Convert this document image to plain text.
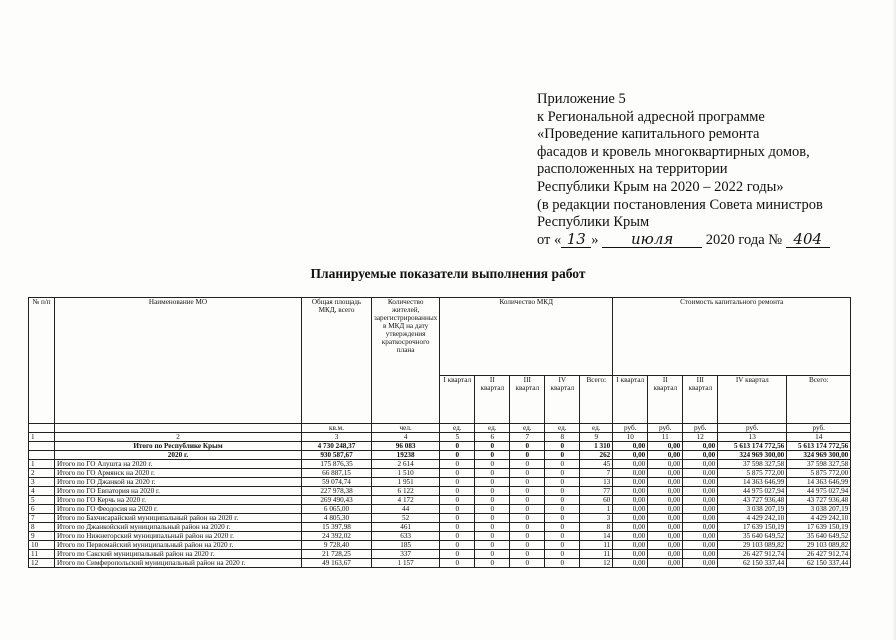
Приложение 5
к Региональной адресной программе
«Проведение капитального ремонта
фасадов и кровель многоквартирных домов,
расположенных на территории
Республики Крым на 2020 – 2022 годы»
(в редакции постановления Совета министров
Республики Крым
от « 13 » июля 2020 года № 404
Планируемые показатели выполнения работ
№ п/п	Наименование МО	Общая площадь МКД, всего	Количество жителей, зарегистрированных в МКД на дату утверждения краткосрочного плана	Количество МКД					Стоимость капитального ремонта				
				I квартал	II квартал	III квартал	IV квартал	Всего:	I квартал	II квартал	III квартал	IV квартал	Всего:
		кв.м.	чел.	ед.	ед.	ед.	ед.	ед.	руб.	руб.	руб.	руб.	руб.
1	2	3	4	5	6	7	8	9	10	11	12	13	14
	Итого по Республике Крым	4 730 248,37	96 083	0	0	0	0	1 310	0,00	0,00	0,00	5 613 174 772,56	5 613 174 772,56
	2020 г.	930 587,67	19238	0	0	0	0	262	0,00	0,00	0,00	324 969 300,00	324 969 300,00
1	Итого по ГО Алушта на 2020 г.	175 876,35	2 614	0	0	0	0	45	0,00	0,00	0,00	37 598 327,58	37 598 327,58
2	Итого по ГО Армянск на 2020 г.	66 887,15	1 510	0	0	0	0	7	0,00	0,00	0,00	5 875 772,00	5 875 772,00
3	Итого по ГО Джанкой на 2020 г.	59 074,74	1 951	0	0	0	0	13	0,00	0,00	0,00	14 363 646,99	14 363 646,99
4	Итого по ГО Евпатория на 2020 г.	227 978,38	6 122	0	0	0	0	77	0,00	0,00	0,00	44 975 027,94	44 975 027,94
5	Итого по ГО Керчь на 2020 г.	269 490,43	4 172	0	0	0	0	60	0,00	0,00	0,00	43 727 936,48	43 727 936,48
6	Итого по ГО Феодосия на 2020 г.	6 065,00	44	0	0	0	0	1	0,00	0,00	0,00	3 038 207,19	3 038 207,19
7	Итого по Бахчисарайский муниципальный район на 2020 г.	4 805,30	52	0	0	0	0	3	0,00	0,00	0,00	4 429 242,10	4 429 242,10
8	Итого по Джанкойский муниципальный район на 2020 г.	15 397,98	461	0	0	0	0	8	0,00	0,00	0,00	17 639 150,19	17 639 150,19
9	Итого по Нижнегорский муниципальный район на 2020 г.	24 392,02	633	0	0	0	0	14	0,00	0,00	0,00	35 640 649,52	35 640 649,52
10	Итого по Первомайский муниципальный район на 2020 г.	9 728,40	185	0	0	0	0	11	0,00	0,00	0,00	29 103 089,82	29 103 089,82
11	Итого по Сакский муниципальный район на 2020 г.	21 728,25	337	0	0	0	0	11	0,00	0,00	0,00	26 427 912,74	26 427 912,74
12	Итого по Симферопольский муниципальный район на 2020 г.	49 163,67	1 157	0	0	0	0	12	0,00	0,00	0,00	62 150 337,44	62 150 337,44
